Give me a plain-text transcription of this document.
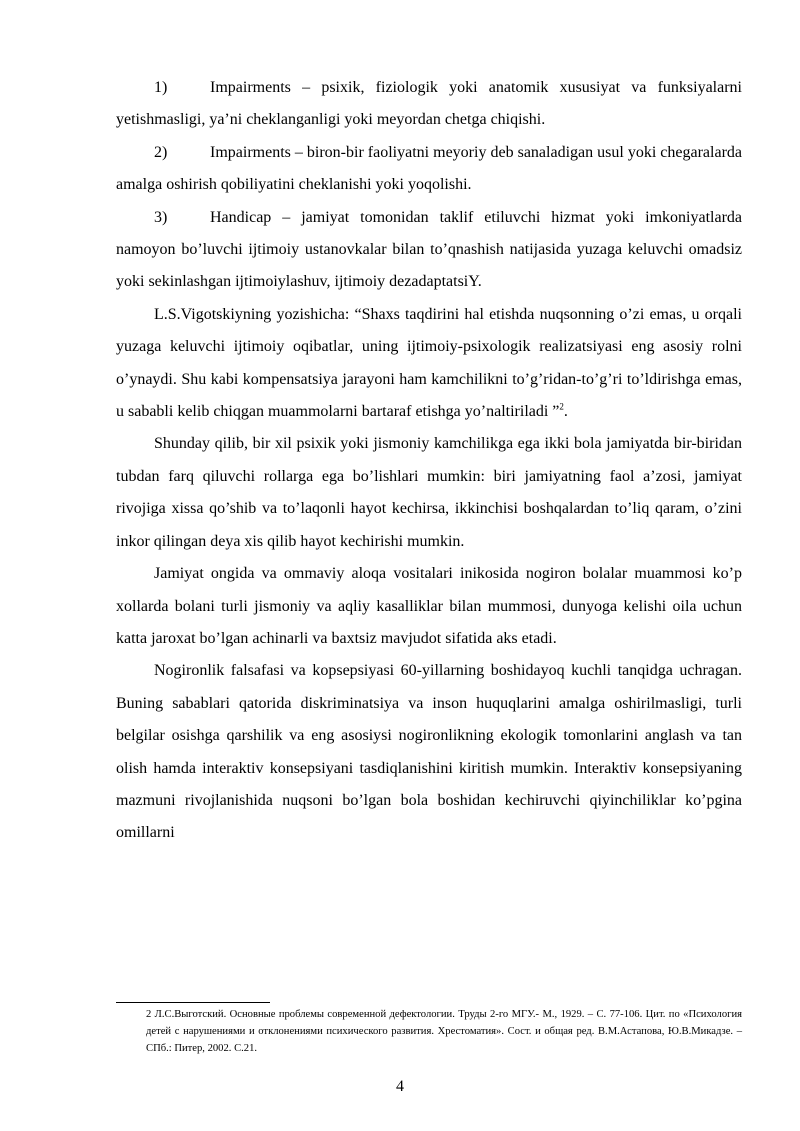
1)	Impairments – psixik, fiziologik yoki anatomik xususiyat va funksiyalarni yetishmasligi, ya’ni cheklanganligi yoki meyordan chetga chiqishi.

2)	Impairments – biron-bir faoliyatni meyoriy deb sanaladigan usul yoki chegaralarda amalga oshirish qobiliyatini cheklanishi yoki yoqolishi.

3)	Handicap – jamiyat tomonidan taklif etiluvchi hizmat yoki imkoniyatlarda namoyon bo’luvchi ijtimoiy ustanovkalar bilan to’qnashish natijasida yuzaga keluvchi omadsiz yoki sekinlashgan ijtimoiylashuv, ijtimoiy dezadaptatsiY.

L.S.Vigotskiyning yozishicha: “Shaxs taqdirini hal etishda nuqsonning o’zi emas, u orqali yuzaga keluvchi ijtimoiy oqibatlar, uning ijtimoiy-psixologik realizatsiyasi eng asosiy rolni o’ynaydi. Shu kabi kompensatsiya jarayoni ham kamchilikni to’g’ridan-to’g’ri to’ldirishga emas, u sababli kelib chiqgan muammolarni bartaraf etishga yo’naltiriladi ”$^2$.

Shunday qilib, bir xil psixik yoki jismoniy kamchilikga ega ikki bola jamiyatda bir-biridan tubdan farq qiluvchi rollarga ega bo’lishlari mumkin: biri jamiyatning faol a’zosi, jamiyat rivojiga xissa qo’shib va to’laqonli hayot kechirsa, ikkinchisi boshqalardan to’liq qaram, o’zini inkor qilingan deya xis qilib hayot kechirishi mumkin.

Jamiyat ongida va ommaviy aloqa vositalari inikosida nogiron bolalar muammosi ko’p xollarda bolani turli jismoniy va aqliy kasalliklar bilan mummosi, dunyoga kelishi oila uchun katta jaroxat bo’lgan achinarli va baxtsiz mavjudot sifatida aks etadi.

Nogironlik falsafasi va kopsepsiyasi 60-yillarning boshidayoq kuchli tanqidga uchragan. Buning sabablari qatorida diskriminatsiya va inson huquqlarini amalga oshirilmasligi, turli belgilar osishga qarshilik va eng asosiysi nogironlikning ekologik tomonlarini anglash va tan olish hamda interaktiv konsepsiyani tasdiqlanishini kiritish mumkin. Interaktiv konsepsiyaning mazmuni rivojlanishida nuqsoni bo’lgan bola boshidan kechiruvchi qiyinchiliklar ko’pgina omillarni

2 Л.С.Выготский. Основные проблемы современной дефектологии. Труды 2-го МГУ.- М., 1929. – С. 77-106. Цит. по «Психология детей с нарушениями и отклонениями психического развития. Хрестоматия». Сост. и общая ред. В.М.Астапова, Ю.В.Микадзе. – СПб.: Питер, 2002. С.21.
4
